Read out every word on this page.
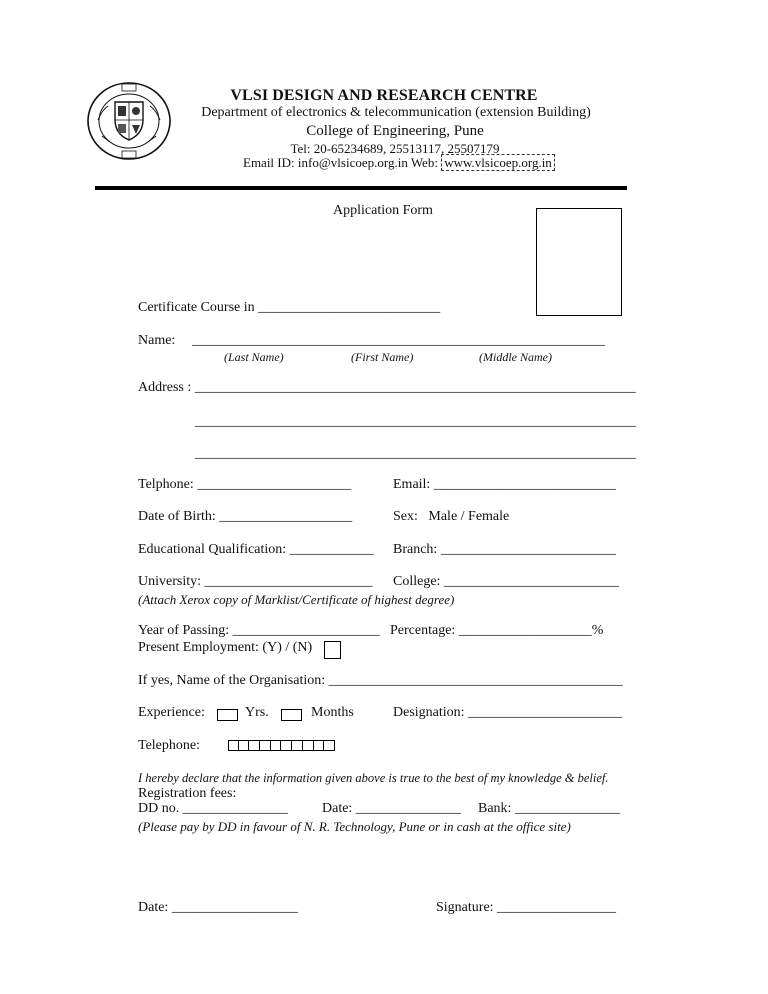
VLSI DESIGN AND RESEARCH CENTRE
Department of electronics & telecommunication (extension Building)
College of Engineering, Pune
Tel: 20-65234689, 25513117, 25507179
Email ID: info@vlsicoep.org.in Web: www.vlsicoep.org.in
Application Form
Certificate Course in __________________________
Name: ___________________________________________________________
(Last Name)	(First Name)	(Middle Name)
Address : _______________________________________________________________
_______________________________________________________________
_______________________________________________________________
Telphone: ______________________	Email: __________________________
Date of Birth: ___________________	Sex:   Male / Female
Educational Qualification: ____________ Branch: _________________________
University: ________________________ College: _________________________
(Attach Xerox copy of Marklist/Certificate of highest degree)
Year of Passing: _____________________ Percentage: ___________________%
Present Employment: (Y) / (N)
If yes, Name of the Organisation: __________________________________________
Experience:	Yrs.	Months	Designation: ______________________
Telephone:
I hereby declare that the information given above is true to the best of my knowledge & belief.
Registration fees:
DD no. _______________ Date: _______________ Bank: _______________
(Please pay by DD in favour of N. R. Technology, Pune or in cash at the office site)
Date: __________________	Signature: _________________
